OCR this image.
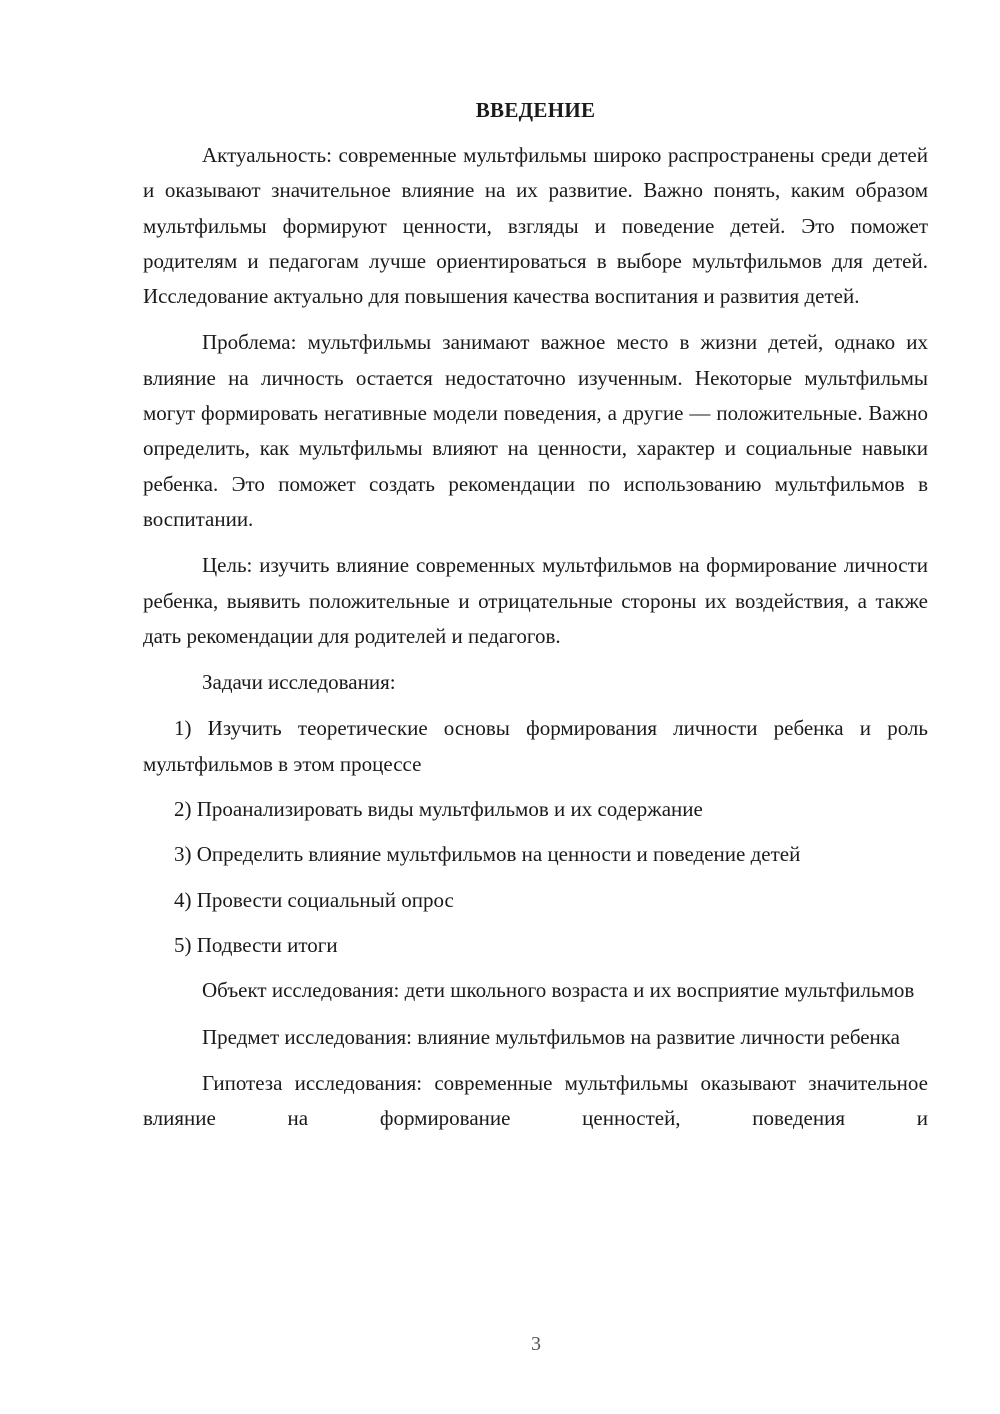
ВВЕДЕНИЕ

Актуальность: современные мультфильмы широко распространены среди детей и оказывают значительное влияние на их развитие. Важно понять, каким образом мультфильмы формируют ценности, взгляды и поведение детей. Это поможет родителям и педагогам лучше ориентироваться в выборе мультфильмов для детей. Исследование актуально для повышения качества воспитания и развития детей.

Проблема: мультфильмы занимают важное место в жизни детей, однако их влияние на личность остается недостаточно изученным. Некоторые мультфильмы могут формировать негативные модели поведения, а другие — положительные. Важно определить, как мультфильмы влияют на ценности, характер и социальные навыки ребенка. Это поможет создать рекомендации по использованию мультфильмов в воспитании.

Цель: изучить влияние современных мультфильмов на формирование личности ребенка, выявить положительные и отрицательные стороны их воздействия, а также дать рекомендации для родителей и педагогов.

Задачи исследования:

1) Изучить теоретические основы формирования личности ребенка и роль мультфильмов в этом процессе

2) Проанализировать виды мультфильмов и их содержание

3) Определить влияние мультфильмов на ценности и поведение детей

4) Провести социальный опрос

5) Подвести итоги

Объект исследования: дети школьного возраста и их восприятие мультфильмов

Предмет исследования: влияние мультфильмов на развитие личности ребенка

Гипотеза исследования: современные мультфильмы оказывают значительное влияние на формирование ценностей, поведения и

3
